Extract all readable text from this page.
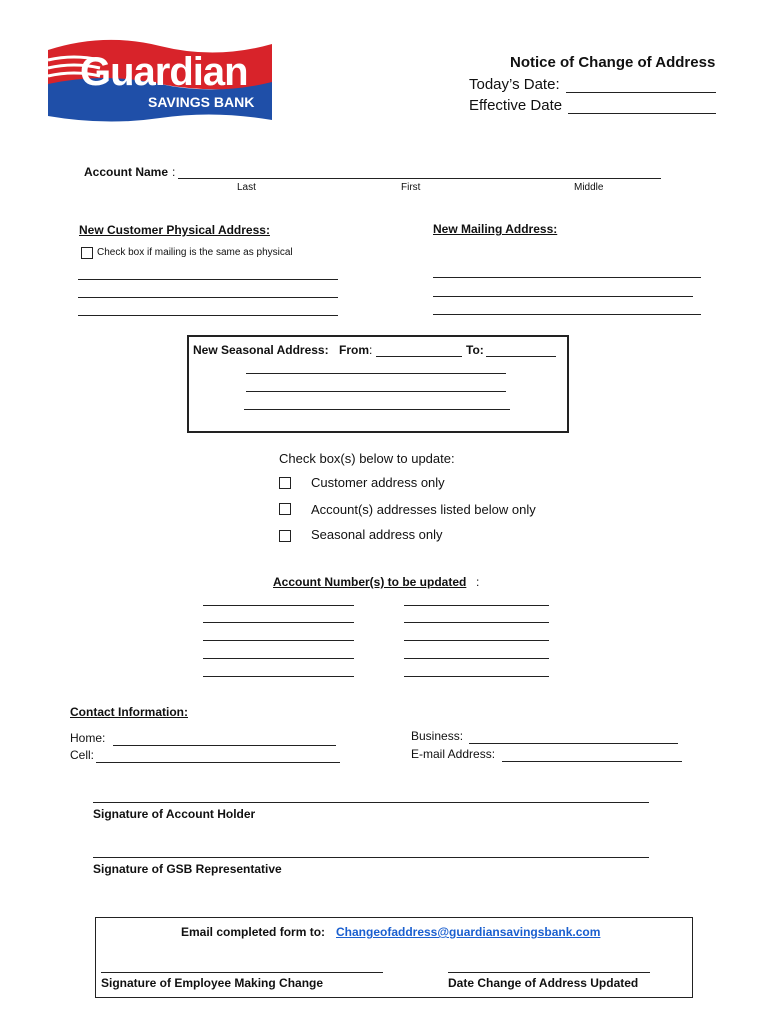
Guardian
SAVINGS BANK
Notice of Change of Address
Today’s Date:
Effective Date
Account Name :
Last	First	Middle
New Customer Physical Address:
Check box if mailing is the same as physical
New Mailing Address:
New Seasonal Address: From :	To:
Check box(s) below to update:
Customer address only
Account(s) addresses listed below only
Seasonal address only
Account Number(s) to be updated :
Contact Information:
Home:
Cell:
Business:
E-mail Address:
Signature of Account Holder
Signature of GSB Representative
Email completed form to: Changeofaddress@guardiansavingsbank.com
Signature of Employee Making Change	Date Change of Address Updated
